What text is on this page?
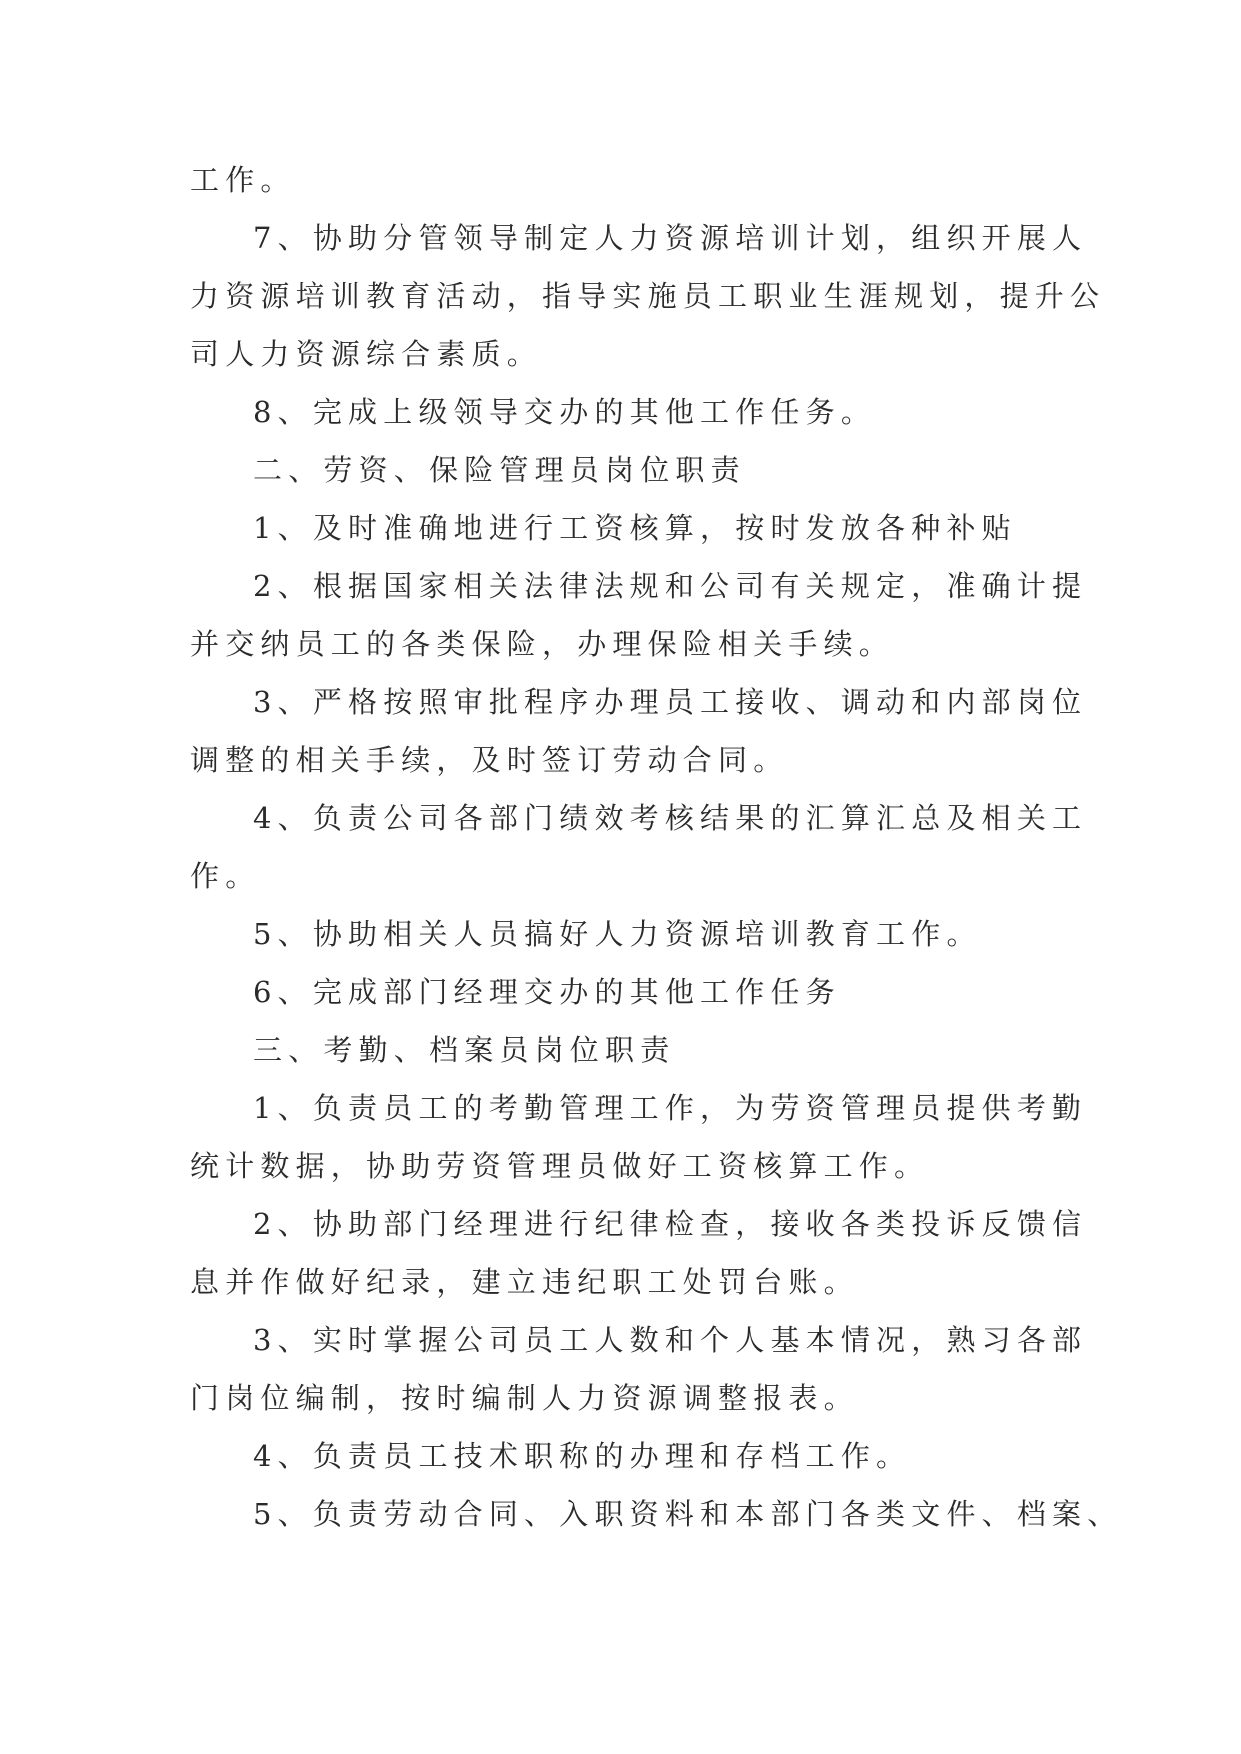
工作。
7、协助分管领导制定人力资源培训计划，组织开展人
力资源培训教育活动，指导实施员工职业生涯规划，提升公
司人力资源综合素质。
8、完成上级领导交办的其他工作任务。
二、劳资、保险管理员岗位职责
1、及时准确地进行工资核算，按时发放各种补贴
2、根据国家相关法律法规和公司有关规定，准确计提
并交纳员工的各类保险，办理保险相关手续。
3、严格按照审批程序办理员工接收、调动和内部岗位
调整的相关手续，及时签订劳动合同。
4、负责公司各部门绩效考核结果的汇算汇总及相关工
作。
5、协助相关人员搞好人力资源培训教育工作。
6、完成部门经理交办的其他工作任务
三、考勤、档案员岗位职责
1、负责员工的考勤管理工作，为劳资管理员提供考勤
统计数据，协助劳资管理员做好工资核算工作。
2、协助部门经理进行纪律检查，接收各类投诉反馈信
息并作做好纪录，建立违纪职工处罚台账。
3、实时掌握公司员工人数和个人基本情况，熟习各部
门岗位编制，按时编制人力资源调整报表。
4、负责员工技术职称的办理和存档工作。
5、负责劳动合同、入职资料和本部门各类文件、档案、
